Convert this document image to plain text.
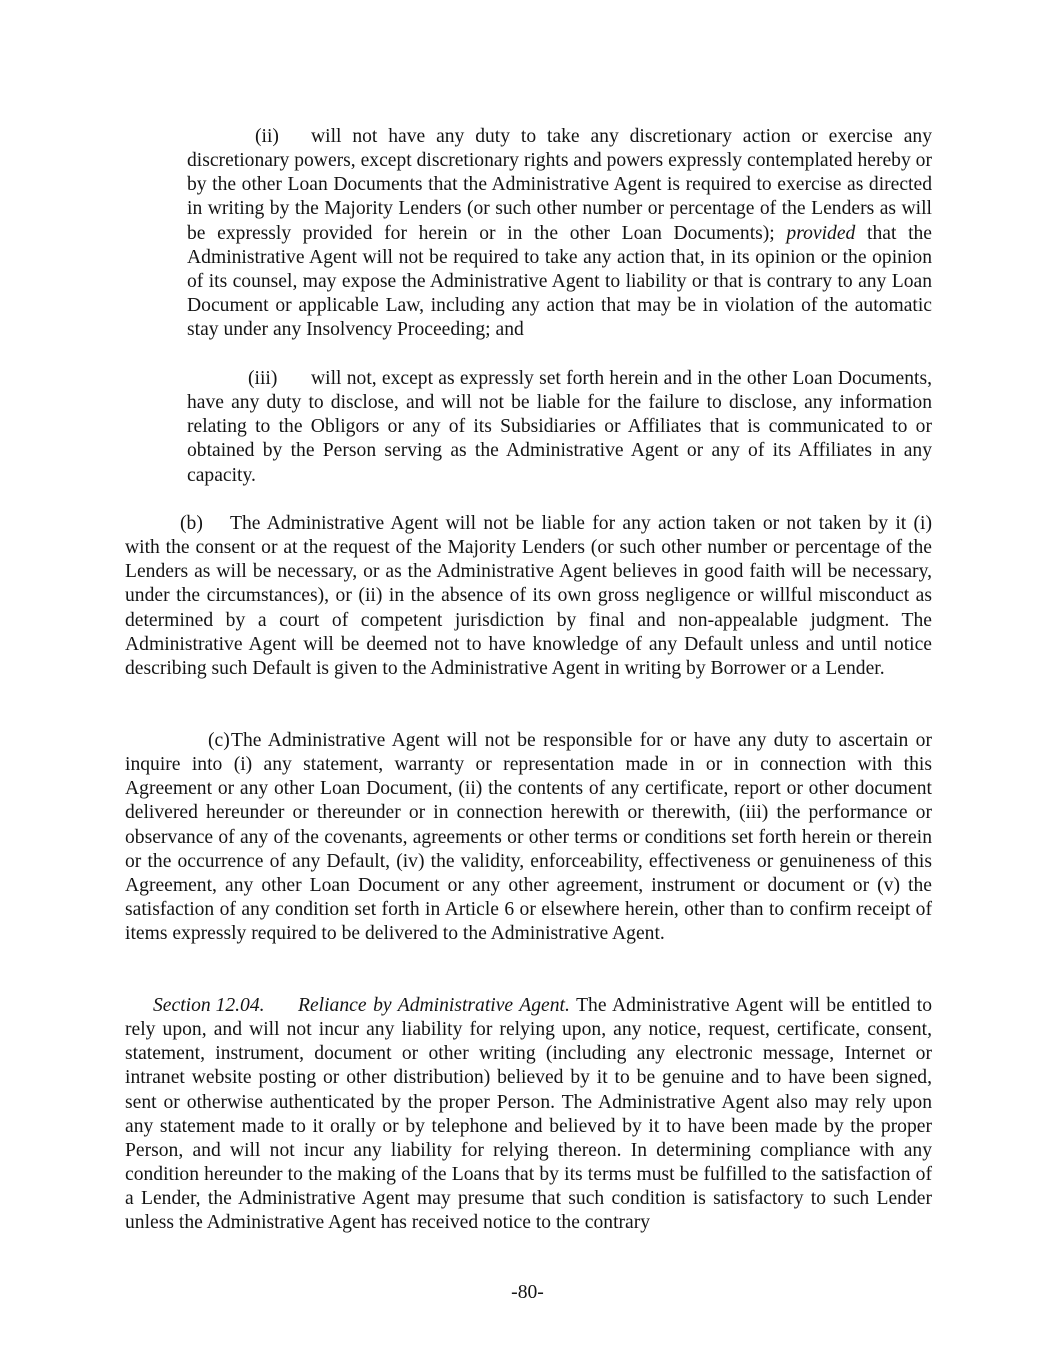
(ii) will not have any duty to take any discretionary action or exercise any discretionary powers, except discretionary rights and powers expressly contemplated hereby or by the other Loan Documents that the Administrative Agent is required to exercise as directed in writing by the Majority Lenders (or such other number or percentage of the Lenders as will be expressly provided for herein or in the other Loan Documents); provided that the Administrative Agent will not be required to take any action that, in its opinion or the opinion of its counsel, may expose the Administrative Agent to liability or that is contrary to any Loan Document or applicable Law, including any action that may be in violation of the automatic stay under any Insolvency Proceeding; and

(iii) will not, except as expressly set forth herein and in the other Loan Documents, have any duty to disclose, and will not be liable for the failure to disclose, any information relating to the Obligors or any of its Subsidiaries or Affiliates that is communicated to or obtained by the Person serving as the Administrative Agent or any of its Affiliates in any capacity.

(b) The Administrative Agent will not be liable for any action taken or not taken by it (i) with the consent or at the request of the Majority Lenders (or such other number or percentage of the Lenders as will be necessary, or as the Administrative Agent believes in good faith will be necessary, under the circumstances), or (ii) in the absence of its own gross negligence or willful misconduct as determined by a court of competent jurisdiction by final and non-appealable judgment. The Administrative Agent will be deemed not to have knowledge of any Default unless and until notice describing such Default is given to the Administrative Agent in writing by Borrower or a Lender.

(c)The Administrative Agent will not be responsible for or have any duty to ascertain or inquire into (i) any statement, warranty or representation made in or in connection with this Agreement or any other Loan Document, (ii) the contents of any certificate, report or other document delivered hereunder or thereunder or in connection herewith or therewith, (iii) the performance or observance of any of the covenants, agreements or other terms or conditions set forth herein or therein or the occurrence of any Default, (iv) the validity, enforceability, effectiveness or genuineness of this Agreement, any other Loan Document or any other agreement, instrument or document or (v) the satisfaction of any condition set forth in Article 6 or elsewhere herein, other than to confirm receipt of items expressly required to be delivered to the Administrative Agent.

Section 12.04. Reliance by Administrative Agent. The Administrative Agent will be entitled to rely upon, and will not incur any liability for relying upon, any notice, request, certificate, consent, statement, instrument, document or other writing (including any electronic message, Internet or intranet website posting or other distribution) believed by it to be genuine and to have been signed, sent or otherwise authenticated by the proper Person. The Administrative Agent also may rely upon any statement made to it orally or by telephone and believed by it to have been made by the proper Person, and will not incur any liability for relying thereon. In determining compliance with any condition hereunder to the making of the Loans that by its terms must be fulfilled to the satisfaction of a Lender, the Administrative Agent may presume that such condition is satisfactory to such Lender unless the Administrative Agent has received notice to the contrary

-80-
